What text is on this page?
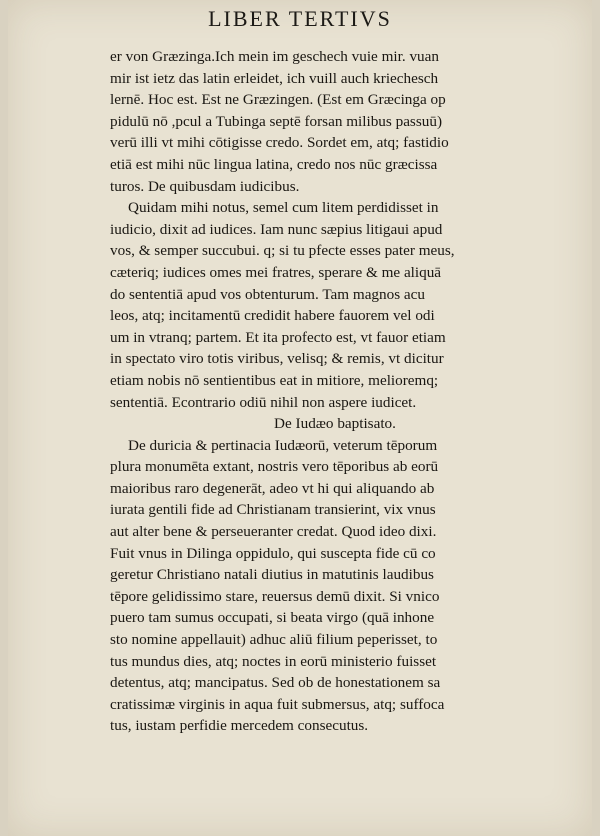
LIBER TERTIVS
er von Græzinga.Ich mein im geschech vuie mir. vuan
mir ist ietz das latin erleidet, ich vuill auch kriechesch
lernē. Hoc est. Est ne Græzingen. (Est em Græcinga op
pidulū nō ,pcul a Tubinga septē forsan milibus passuū)
verū illi vt mihi cōtigisse credo. Sordet em, atq; fastidio
etiā est mihi nūc lingua latina, credo nos nūc græcissa
turos. De quibusdam iudicibus.
Quidam mihi notus, semel cum litem perdidisset in
iudicio, dixit ad iudices. Iam nunc sæpius litigaui apud
vos, & semper succubui. q; si tu pfecte esses pater meus,
cæteriq; iudices omes mei fratres, sperare & me aliquā
do sententiā apud vos obtenturum. Tam magnos acu
leos, atq; incitamentū credidit habere fauorem vel odi
um in vtranq; partem. Et ita profecto est, vt fauor etiam
in spectato viro totis viribus, velisq; & remis, vt dicitur
etiam nobis nō sentientibus eat in mitiore, melioremq;
sententiā. Econtrario odiū nihil non aspere iudicet.
De Iudæo baptisato.
De duricia & pertinacia Iudæorū, veterum tēporum
plura monumēta extant, nostris vero tēporibus ab eorū
maioribus raro degenerāt, adeo vt hi qui aliquando ab
iurata gentili fide ad Christianam transierint, vix vnus
aut alter bene & perseueranter credat. Quod ideo dixi.
Fuit vnus in Dilinga oppidulo, qui suscepta fide cū co
geretur Christiano natali diutius in matutinis laudibus
tēpore gelidissimo stare, reuersus demū dixit. Si vnico
puero tam sumus occupati, si beata virgo (quā inhone
sto nomine appellauit) adhuc aliū filium peperisset, to
tus mundus dies, atq; noctes in eorū ministerio fuisset
detentus, atq; mancipatus. Sed ob de honestationem sa
cratissimæ virginis in aqua fuit submersus, atq; suffoca
tus, iustam perfidie mercedem consecutus.
